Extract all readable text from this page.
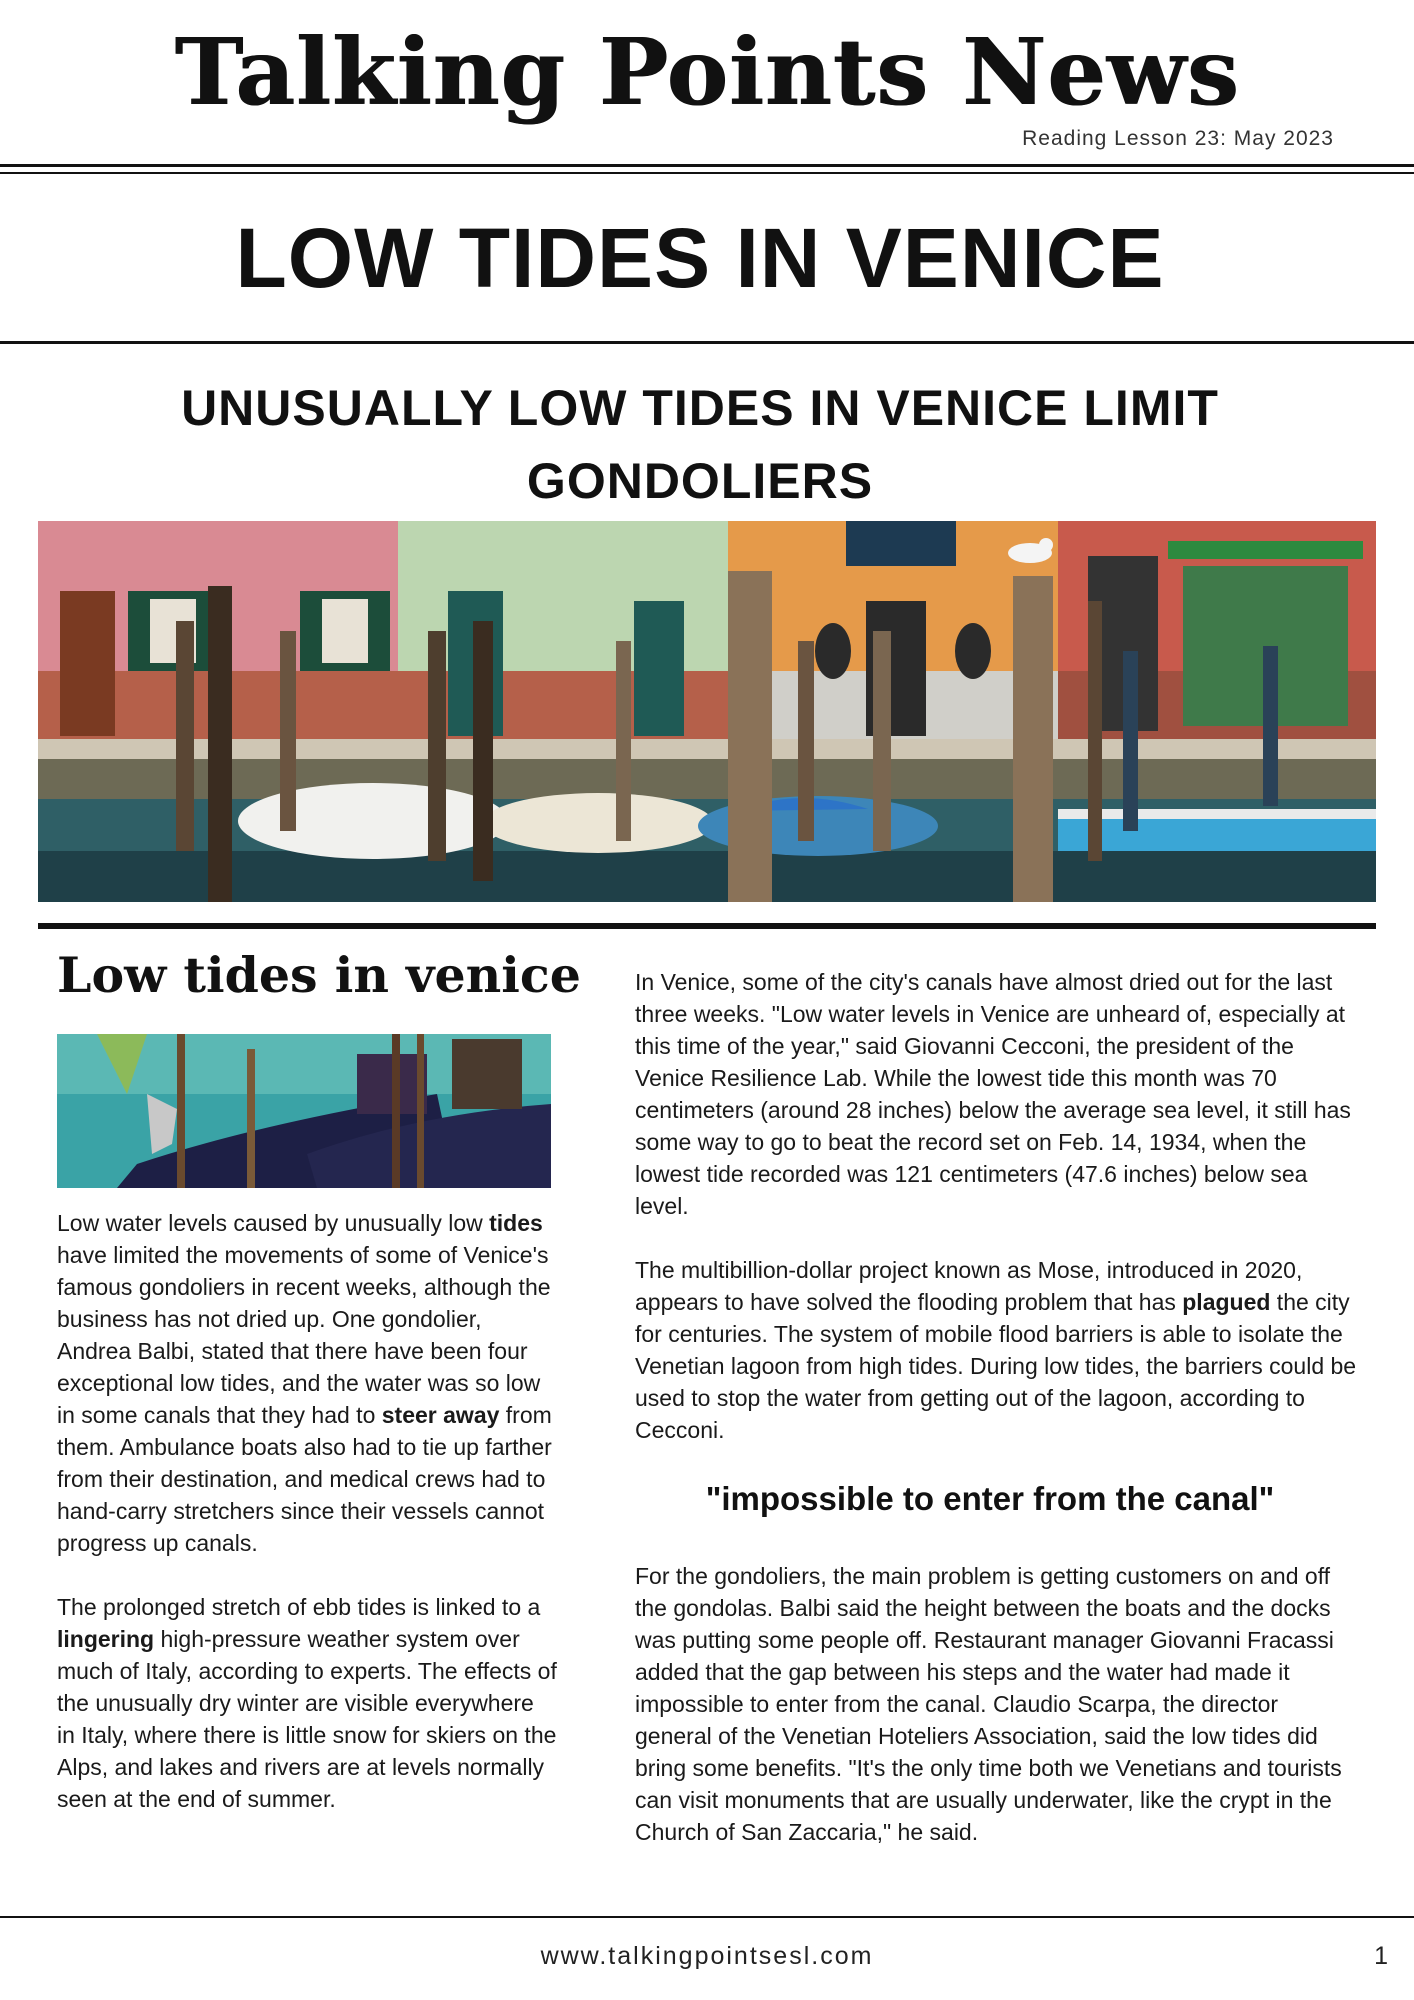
Talking Points News
Reading Lesson 23: May 2023
LOW TIDES IN VENICE
UNUSUALLY LOW TIDES IN VENICE LIMIT GONDOLIERS
Low tides in venice

Low water levels caused by unusually low tides have limited the movements of some of Venice's famous gondoliers in recent weeks, although the business has not dried up. One gondolier, Andrea Balbi, stated that there have been four exceptional low tides, and the water was so low in some canals that they had to steer away from them. Ambulance boats also had to tie up farther from their destination, and medical crews had to hand-carry stretchers since their vessels cannot progress up canals.
The prolonged stretch of ebb tides is linked to a lingering high-pressure weather system over much of Italy, according to experts. The effects of the unusually dry winter are visible everywhere in Italy, where there is little snow for skiers on the Alps, and lakes and rivers are at levels normally seen at the end of summer.

In Venice, some of the city's canals have almost dried out for the last three weeks. "Low water levels in Venice are unheard of, especially at this time of the year," said Giovanni Cecconi, the president of the Venice Resilience Lab. While the lowest tide this month was 70 centimeters (around 28 inches) below the average sea level, it still has some way to go to beat the record set on Feb. 14, 1934, when the lowest tide recorded was 121 centimeters (47.6 inches) below sea level.
The multibillion-dollar project known as Mose, introduced in 2020, appears to have solved the flooding problem that has plagued the city for centuries. The system of mobile flood barriers is able to isolate the Venetian lagoon from high tides. During low tides, the barriers could be used to stop the water from getting out of the lagoon, according to Cecconi.

"impossible to enter from the canal"

For the gondoliers, the main problem is getting customers on and off the gondolas. Balbi said the height between the boats and the docks was putting some people off. Restaurant manager Giovanni Fracassi added that the gap between his steps and the water had made it impossible to enter from the canal. Claudio Scarpa, the director general of the Venetian Hoteliers Association, said the low tides did bring some benefits. "It's the only time both we Venetians and tourists can visit monuments that are usually underwater, like the crypt in the Church of San Zaccaria," he said.

www.talkingpointsesl.com	1
